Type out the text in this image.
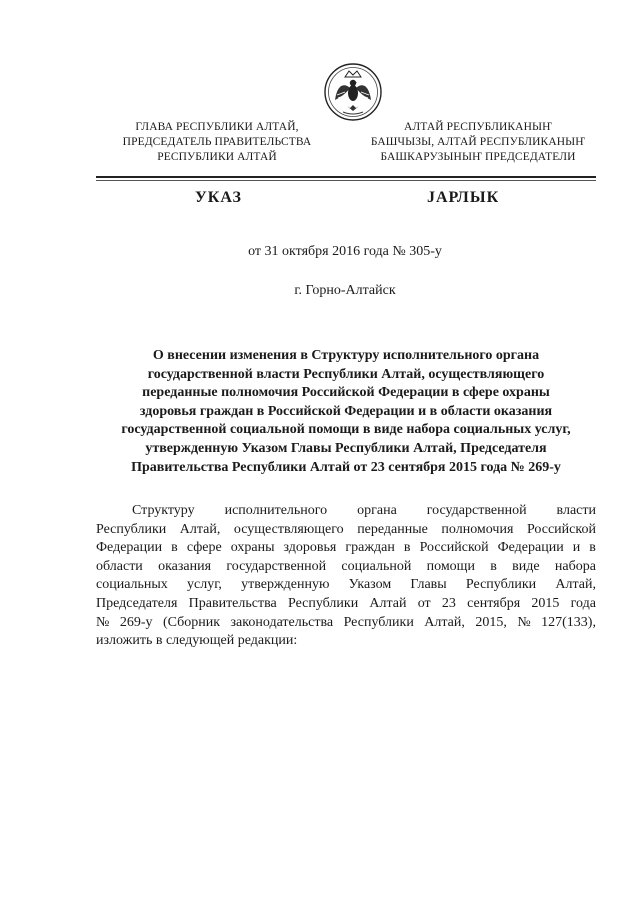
ГЛАВА РЕСПУБЛИКИ АЛТАЙ,
ПРЕДСЕДАТЕЛЬ ПРАВИТЕЛЬСТВА
РЕСПУБЛИКИ АЛТАЙ
АЛТАЙ РЕСПУБЛИКАНЫҤ
БАШЧЫЗЫ, АЛТАЙ РЕСПУБЛИКАНЫҤ
БАШКАРУЗЫНЫҤ ПРЕДСЕДАТЕЛИ
УКАЗ	JАРЛЫК
от 31 октября 2016 года № 305-у
г. Горно-Алтайск
О внесении изменения в Структуру исполнительного органа
государственной власти Республики Алтай, осуществляющего
переданные полномочия Российской Федерации в сфере охраны
здоровья граждан в Российской Федерации и в области оказания
государственной социальной помощи в виде набора социальных услуг,
утвержденную Указом Главы Республики Алтай, Председателя
Правительства Республики Алтай от 23 сентября 2015 года № 269-у
Структуру исполнительного органа государственной власти
Республики Алтай, осуществляющего переданные полномочия Российской
Федерации в сфере охраны здоровья граждан в Российской Федерации и в
области оказания государственной социальной помощи в виде набора
социальных услуг, утвержденную Указом Главы Республики Алтай,
Председателя Правительства Республики Алтай от 23 сентября 2015 года
№ 269-у (Сборник законодательства Республики Алтай, 2015, № 127(133),
изложить в следующей редакции:
